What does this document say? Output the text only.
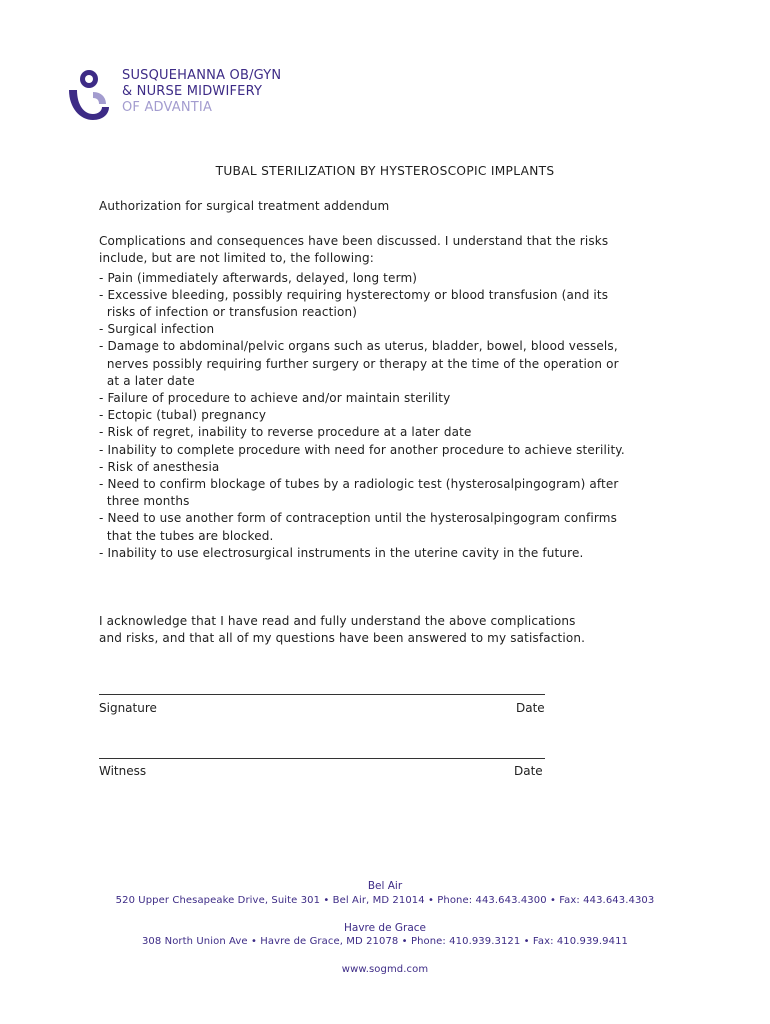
SUSQUEHANNA OB/GYN
& NURSE MIDWIFERY
OF ADVANTIA
TUBAL STERILIZATION BY HYSTEROSCOPIC IMPLANTS
Authorization for surgical treatment addendum
Complications and consequences have been discussed. I understand that the risks
include, but are not limited to, the following:
- Pain (immediately afterwards, delayed, long term)
- Excessive bleeding, possibly requiring hysterectomy or blood transfusion (and its
risks of infection or transfusion reaction)
- Surgical infection
- Damage to abdominal/pelvic organs such as uterus, bladder, bowel, blood vessels,
nerves possibly requiring further surgery or therapy at the time of the operation or
at a later date
- Failure of procedure to achieve and/or maintain sterility
- Ectopic (tubal) pregnancy
- Risk of regret, inability to reverse procedure at a later date
- Inability to complete procedure with need for another procedure to achieve sterility.
- Risk of anesthesia
- Need to confirm blockage of tubes by a radiologic test (hysterosalpingogram) after
three months
- Need to use another form of contraception until the hysterosalpingogram confirms
that the tubes are blocked.
- Inability to use electrosurgical instruments in the uterine cavity in the future.
I acknowledge that I have read and fully understand the above complications
and risks, and that all of my questions have been answered to my satisfaction.
Signature	Date
Witness	Date
Bel Air
520 Upper Chesapeake Drive, Suite 301 • Bel Air, MD 21014 • Phone: 443.643.4300 • Fax: 443.643.4303
Havre de Grace
308 North Union Ave • Havre de Grace, MD 21078 • Phone: 410.939.3121 • Fax: 410.939.9411
www.sogmd.com
